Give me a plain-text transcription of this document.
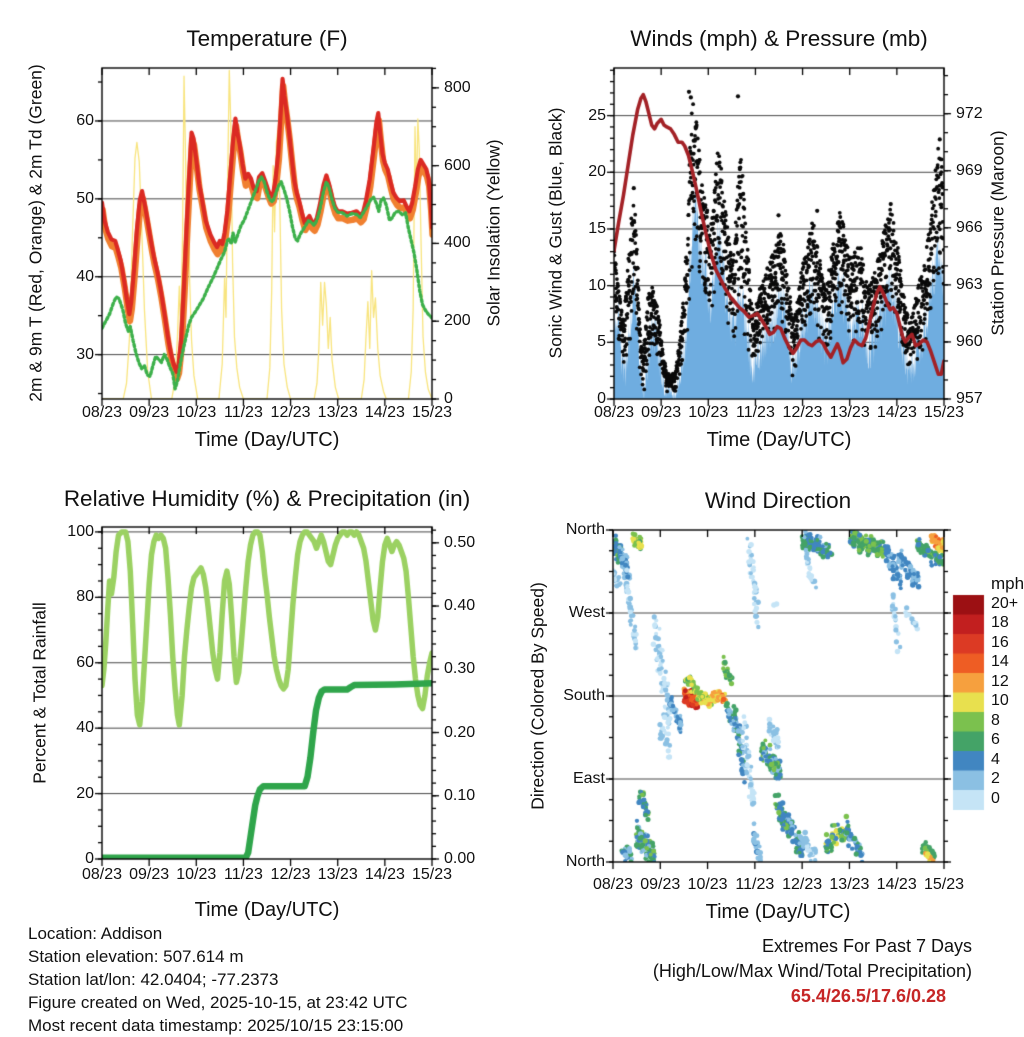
Temperature (F)	Winds (mph) & Pressure (mb)
Relative Humidity (%) & Precipitation (in)	Wind Direction
Time (Day/UTC)	Time (Day/UTC)
Time (Day/UTC)	Time (Day/UTC)
2m & 9m T (Red, Orange) & 2m Td (Green)	Solar Insolation (Yellow) Sonic Wind & Gust (Blue, Black)	Station Pressure (Maroon)
Percent & Total Rainfall	Direction (Colored By Speed)	mph
30
40
50
60
0
200
400
600
800
08/23 09/23 10/23 11/23 12/23 13/23 14/23 15/23
0
5
10
15
20
25
957
960
963
966
969
972
08/23 09/23 10/23 11/23 12/23 13/23 14/23 15/23
0
20
40
60
80
100
0.00
0.10
0.20
0.30
0.40
0.50
08/23 09/23 10/23 11/23 12/23 13/23 14/23 15/23
North
West
South
East
North
08/23 09/23 10/23 11/23 12/23 13/23 14/23 15/23
20+
18
16
14
12
10
8
6
4
2
0
Location: Addison
Station elevation: 507.614 m
Station lat/lon: 42.0404; -77.2373
Figure created on Wed, 2025-10-15, at 23:42 UTC
Most recent data timestamp: 2025/10/15 23:15:00
Extremes For Past 7 Days
(High/Low/Max Wind/Total Precipitation)
65.4/26.5/17.6/0.28
